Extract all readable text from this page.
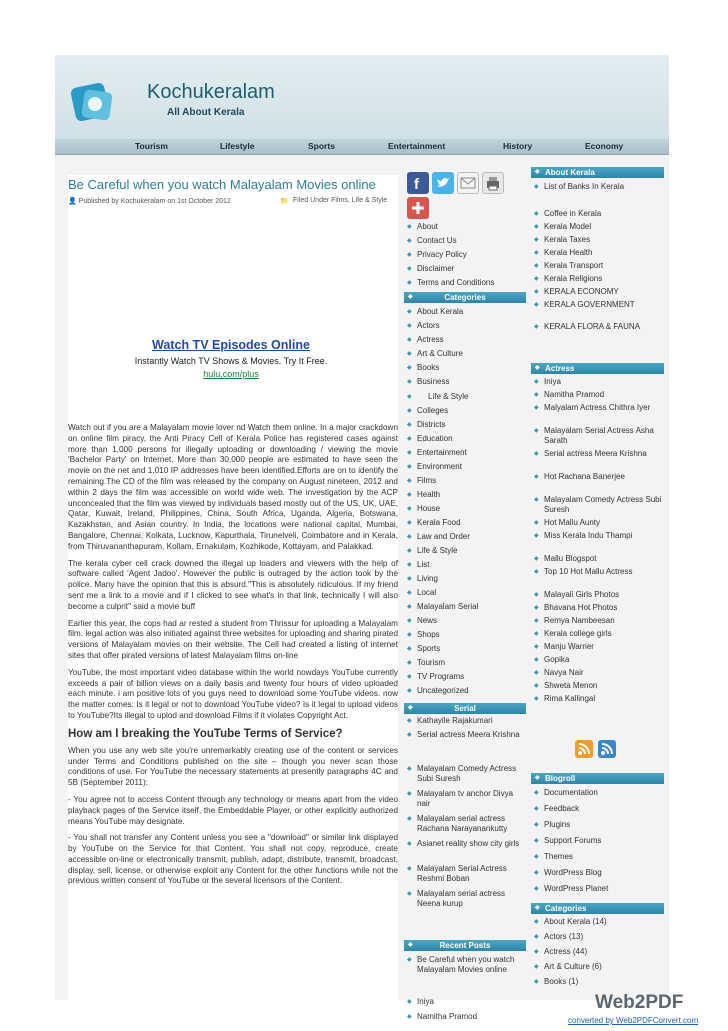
Kochukeralam
All About Kerala
Tourism	Lifestyle	Sports	Entertainment	History	Economy
Be Careful when you watch Malayalam Movies online
👤 Published by Kochukeralam on 1st October 2012	📁 Filed Under Films, Life & Style
Watch TV Episodes Online
Instantly Watch TV Shows & Movies. Try It Free.
hulu.com/plus

Watch out if you are a Malayalam movie lover nd Watch them online. In a major crackdown on online film piracy, the Anti Piracy Cell of Kerala Police has registered cases against more than 1,000 persons for illegally uploading or downloading / viewing the movie 'Bachelor Party' on Internet. More than 30,000 people are estimated to have seen the movie on the net and 1,010 IP addresses have been identified.Efforts are on to identify the remaining.The CD of the film was released by the company on August nineteen, 2012 and within 2 days the film was accessible on world wide web. The investigation by the ACP unconcealed that the film was viewed by individuals based mostly out of the US, UK, UAE, Qatar, Kuwait, Ireland, Philippines, China, South Africa, Uganda, Algeria, Botswana, Kazakhstan, and Asian country. In India, the locations were national capital, Mumbai, Bangalore, Chennai, Kolkata, Lucknow, Kapurthala, Tirunelveli, Coimbatore and in Kerala, from Thiruvananthapuram, Kollam, Ernakulam, Kozhikode, Kottayam, and Palakkad.

The kerala cyber cell crack downed the illegal up loaders and viewers with the help of software called 'Agent Jadoo'. However the public is outraged by the action took by the police. Many have the opinion that this is absurd."This is absolutely ridiculous. If my friend sent me a link to a movie and if I clicked to see what's in that link, technically I will also become a culprit" said a movie buff

Earlier this year, the cops had ar rested a student from Thrissur for uploading a Malayalam film. legal action was also initiated against three websites for uploading and sharing pirated versions of Malayalam movies on their website. The Cell had created a listing of internet sites that offer pirated versions of latest Malayalam films on-line

YouTube, the most important video database within the world nowdays YouTube currently exceeds a pair of billion views on a daily basis and twenty four hours of video uploaded each minute. i am positive lots of you guys need to download some YouTube videos. now the matter comes: Is it legal or not to download YouTube video? Is it legal to upload videos to YouTube?Its illegal to uplod and download Films if it violates Copyright Act.

How am I breaking the YouTube Terms of Service?

When you use any web site you're unremarkably creating use of the content or services under Terms and Conditions published on the site – though you never scan those conditions of use. For YouTube the necessary statements at presently paragraphs 4C and 5B (September 2011):

- You agree not to access Content through any technology or means apart from the video playback pages of the Service itself, the Embeddable Player, or other explicitly authorized means YouTube may designate.

- You shall not transfer any Content unless you see a "download" or similar link displayed by YouTube on the Service for that Content. You shall not copy, reproduce, create accessible on-line or electronically transmit, publish, adapt, distribute, transmit, broadcast, display, sell, license, or otherwise exploit any Content for the other functions while not the previous written consent of YouTube or the several licensors of the Content.

f
◆ About
◆ Contact Us
◆ Privacy Policy
◆ Disclaimer
◆ Terms and Conditions
◆ Categories
◆ About Kerala
◆ Actors
◆ Actress
◆ Art & Culture
◆ Books
◆ Business
◆ Life & Style
◆ Colleges
◆ Districts
◆ Education
◆ Entertainment
◆ Environment
◆ Films
◆ Health
◆ House
◆ Kerala Food
◆ Law and Order
◆ Life & Style
◆ List
◆ Living
◆ Local
◆ Malayalam Serial
◆ News
◆ Shops
◆ Sports
◆ Tourism
◆ TV Programs
◆ Uncategorized
◆ Serial
◆ Kathayile Rajakumari
◆ Serial actress Meera Krishna
◆ Malayalam Comedy Actress Subi Suresh
◆ Malayalam tv anchor Divya nair
◆ Malayalam serial actress Rachana Narayanankutty
◆ Asianet reality show city girls
◆ Malayalam Serial Actress Reshmi Boban
◆ Malayalam serial actress Neena kurup
◆ Recent Posts
◆ Be Careful when you watch Malayalam Movies online
◆ Iniya
◆ Namitha Pramod
◆ About Kerala
◆ List of Banks In Kerala
◆ Coffee in Kerala
◆ Kerala Model
◆ Kerala Taxes
◆ Kerala Health
◆ Kerala Transport
◆ Kerala Religions
◆ KERALA ECONOMY
◆ KERALA GOVERNMENT
◆ KERALA FLORA & FAUNA
◆ Actress
◆ Iniya
◆ Namitha Pramod
◆ Malyalam Actress Chithra Iyer
◆ Malayalam Serial Actress Asha Sarath
◆ Serial actress Meera Krishna
◆ Hot Rachana Banerjee
◆ Malayalam Comedy Actress Subi Suresh
◆ Hot Mallu Aunty
◆ Miss Kerala Indu Thampi
◆ Mallu Blogspot
◆ Top 10 Hot Mallu Actress
◆ Malayali Girls Photos
◆ Bhavana Hot Photos
◆ Remya Nambeesan
◆ Kerala college girls
◆ Manju Warrier
◆ Gopika
◆ Navya Nair
◆ Shweta Menon
◆ Rima Kallingal
◆ Blogroll
◆ Documentation
◆ Feedback
◆ Plugins
◆ Support Forums
◆ Themes
◆ WordPress Blog
◆ WordPress Planet
◆ Categories
◆ About Kerala (14)
◆ Actors (13)
◆ Actress (44)
◆ Art & Culture (6)
◆ Books (1)
Web2PDF
converted by Web2PDFConvert.com
